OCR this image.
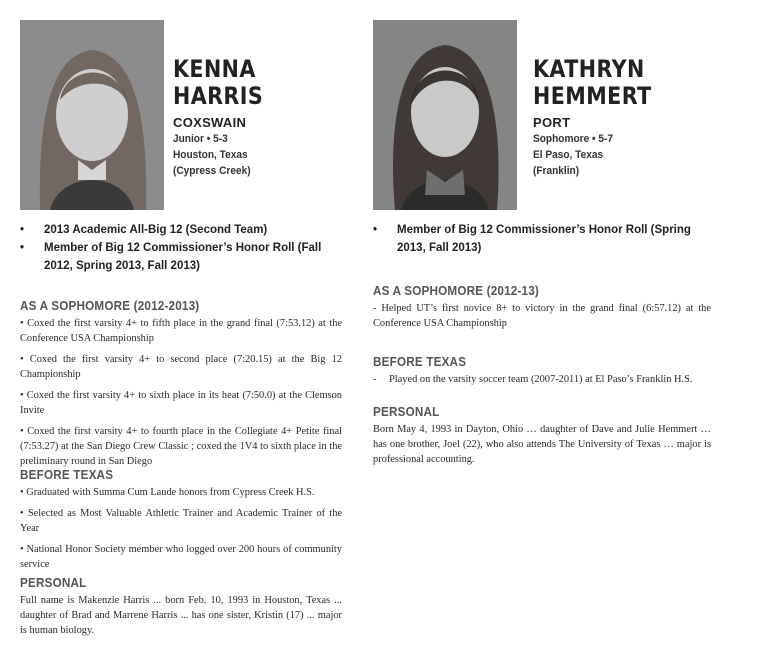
KENNA
HARRIS
COXSWAIN
Junior • 5-3
Houston, Texas
(Cypress Creek)
• 2013 Academic All-Big 12 (Second Team)
• Member of Big 12 Commissioner’s Honor Roll (Fall 2012, Spring 2013, Fall 2013)
AS A SOPHOMORE (2012-2013)

• Coxed the first varsity 4+ to fifth place in the grand final (7:53.12) at the Conference USA Championship

• Coxed the first varsity 4+ to second place (7:20.15) at the Big 12 Championship

• Coxed the first varsity 4+ to sixth place in its heat (7:50.0) at the Clemson Invite

• Coxed the first varsity 4+ to fourth place in the Collegiate 4+ Petite final (7:53.27) at the San Diego Crew Classic ; coxed the 1V4 to sixth place in the preliminary round in San Diego

BEFORE TEXAS

• Graduated with Summa Cum Laude honors from Cypress Creek H.S.

• Selected as Most Valuable Athletic Trainer and Academic Trainer of the Year

• National Honor Society member who logged over 200 hours of community service

PERSONAL

Full name is Makenzie Harris ... born Feb. 10, 1993 in Houston, Texas ... daughter of Brad and Marrene Harris ... has one sister, Kristin (17) ... major is human biology.

KATHRYN
HEMMERT
PORT
Sophomore • 5-7
El Paso, Texas
(Franklin)
• Member of Big 12 Commissioner’s Honor Roll (Spring 2013, Fall 2013)
AS A SOPHOMORE (2012-13)

- Helped UT’s first novice 8+ to victory in the grand final (6:57.12) at the Conference USA Championship

BEFORE TEXAS

- Played on the varsity soccer team (2007-2011) at El Paso’s Franklin H.S.

PERSONAL

Born May 4, 1993 in Dayton, Ohio … daughter of Dave and Julie Hemmert … has one brother, Joel (22), who also attends The University of Texas … major is professional accounting.
